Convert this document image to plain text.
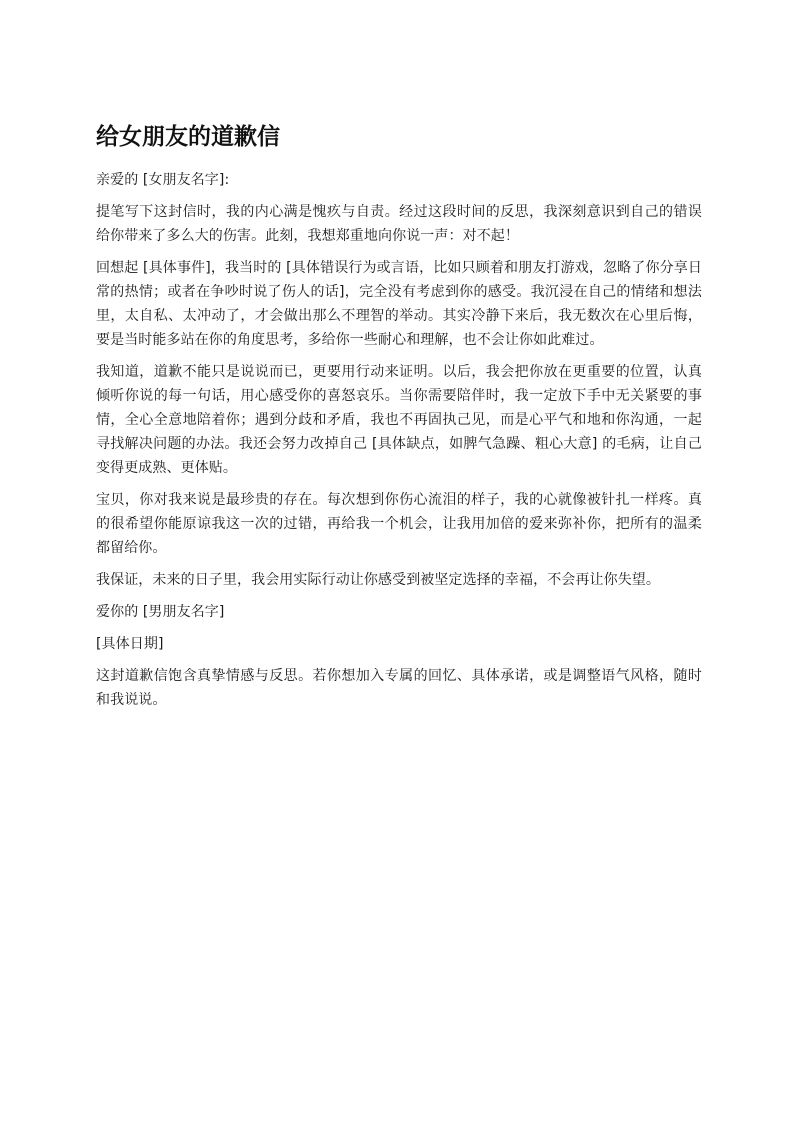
给女朋友的道歉信

亲爱的 [女朋友名字]:

提笔写下这封信时，我的内心满是愧疚与自责。经过这段时间的反思，我深刻意识到自己的错误给你带来了多么大的伤害。此刻，我想郑重地向你说一声：对不起！

回想起 [具体事件]，我当时的 [具体错误行为或言语，比如只顾着和朋友打游戏，忽略了你分享日常的热情；或者在争吵时说了伤人的话]，完全没有考虑到你的感受。我沉浸在自己的情绪和想法里，太自私、太冲动了，才会做出那么不理智的举动。其实冷静下来后，我无数次在心里后悔，要是当时能多站在你的角度思考，多给你一些耐心和理解，也不会让你如此难过。

我知道，道歉不能只是说说而已，更要用行动来证明。以后，我会把你放在更重要的位置，认真倾听你说的每一句话，用心感受你的喜怒哀乐。当你需要陪伴时，我一定放下手中无关紧要的事情，全心全意地陪着你；遇到分歧和矛盾，我也不再固执己见，而是心平气和地和你沟通，一起寻找解决问题的办法。我还会努力改掉自己 [具体缺点，如脾气急躁、粗心大意] 的毛病，让自己变得更成熟、更体贴。

宝贝，你对我来说是最珍贵的存在。每次想到你伤心流泪的样子，我的心就像被针扎一样疼。真的很希望你能原谅我这一次的过错，再给我一个机会，让我用加倍的爱来弥补你，把所有的温柔都留给你。

我保证，未来的日子里，我会用实际行动让你感受到被坚定选择的幸福，不会再让你失望。

爱你的 [男朋友名字]

[具体日期]

这封道歉信饱含真挚情感与反思。若你想加入专属的回忆、具体承诺，或是调整语气风格，随时和我说说。
